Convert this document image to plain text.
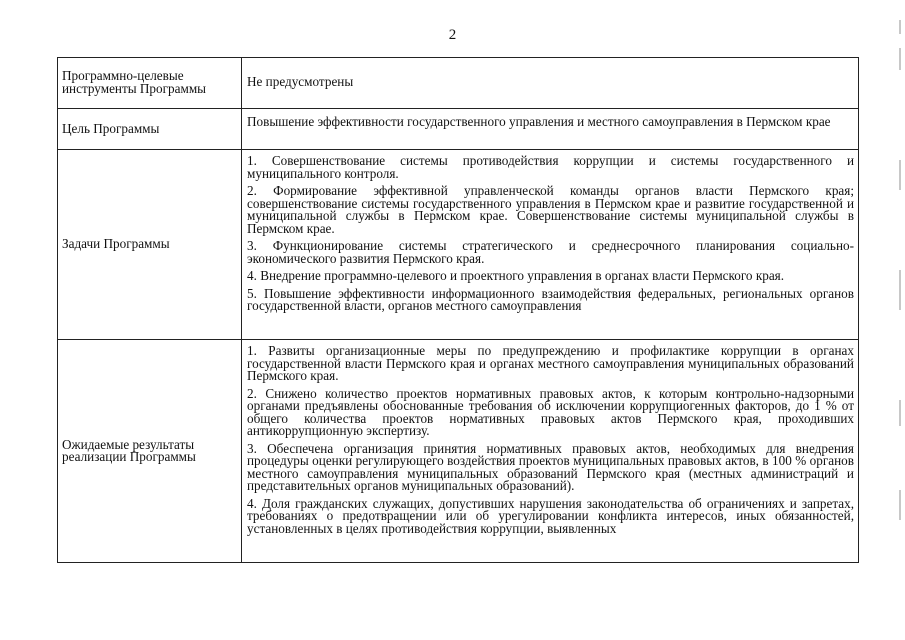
2
Программно-целевые инструменты Программы	Не предусмотрены

Цель Программы	Повышение эффективности государственного управления и местного самоуправления в Пермском крае

Задачи Программы	1. Совершенствование системы противодействия коррупции и системы государственного и муниципального контроля.

2. Формирование эффективной управленческой команды органов власти Пермского края; совершенствование системы государственного управления в Пермском крае и развитие государственной и муниципальной службы в Пермском крае. Совершенствование системы муниципальной службы в Пермском крае.

3. Функционирование системы стратегического и среднесрочного планирования социально-экономического развития Пермского края.

4. Внедрение программно-целевого и проектного управления в органах власти Пермского края.

5. Повышение эффективности информационного взаимодействия федеральных, региональных органов государственной власти, органов местного самоуправления

Ожидаемые результаты реализации Программы	1. Развиты организационные меры по предупреждению и профилактике коррупции в органах государственной власти Пермского края и органах местного самоуправления муниципальных образований Пермского края.

2. Снижено количество проектов нормативных правовых актов, к которым контрольно-надзорными органами предъявлены обоснованные требования об исключении коррупциогенных факторов, до 1 % от общего количества проектов нормативных правовых актов Пермского края, проходивших антикоррупционную экспертизу.

3. Обеспечена организация принятия нормативных правовых актов, необходимых для внедрения процедуры оценки регулирующего воздействия проектов муниципальных правовых актов, в 100 % органов местного самоуправления муниципальных образований Пермского края (местных администраций и представительных органов муниципальных образований).

4. Доля гражданских служащих, допустивших нарушения законодательства об ограничениях и запретах, требованиях о предотвращении или об урегулировании конфликта интересов, иных обязанностей, установленных в целях противодействия коррупции, выявленных
